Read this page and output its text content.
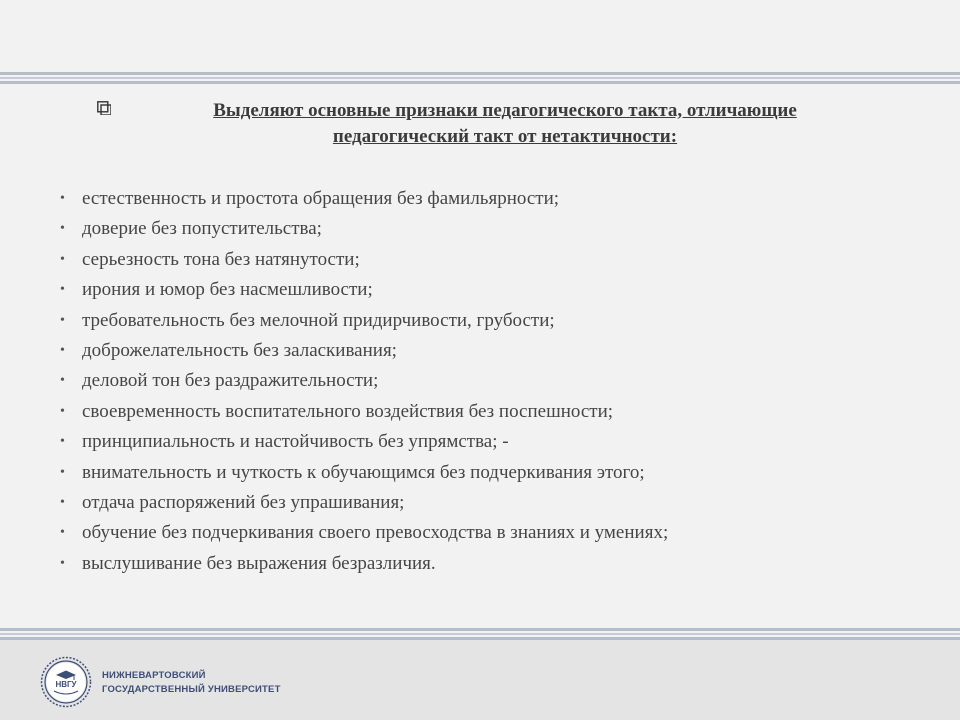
Выделяют основные признаки педагогического такта, отличающие
педагогический такт от нетактичности:

• естественность и простота обращения без фамильярности;
• доверие без попустительства;
• серьезность тона без натянутости;
• ирония и юмор без насмешливости;
• требовательность без мелочной придирчивости, грубости;
• доброжелательность без заласкивания;
• деловой тон без раздражительности;
• своевременность воспитательного воздействия без поспешности;
• принципиальность и настойчивость без упрямства; -
• внимательность и чуткость к обучающимся без подчеркивания этого;
• отдача распоряжений без упрашивания;
• обучение без подчеркивания своего превосходства в знаниях и умениях;
• выслушивание без выражения безразличия.
НВГУ
НИЖНЕВАРТОВСКИЙ
ГОСУДАРСТВЕННЫЙ УНИВЕРСИТЕТ
